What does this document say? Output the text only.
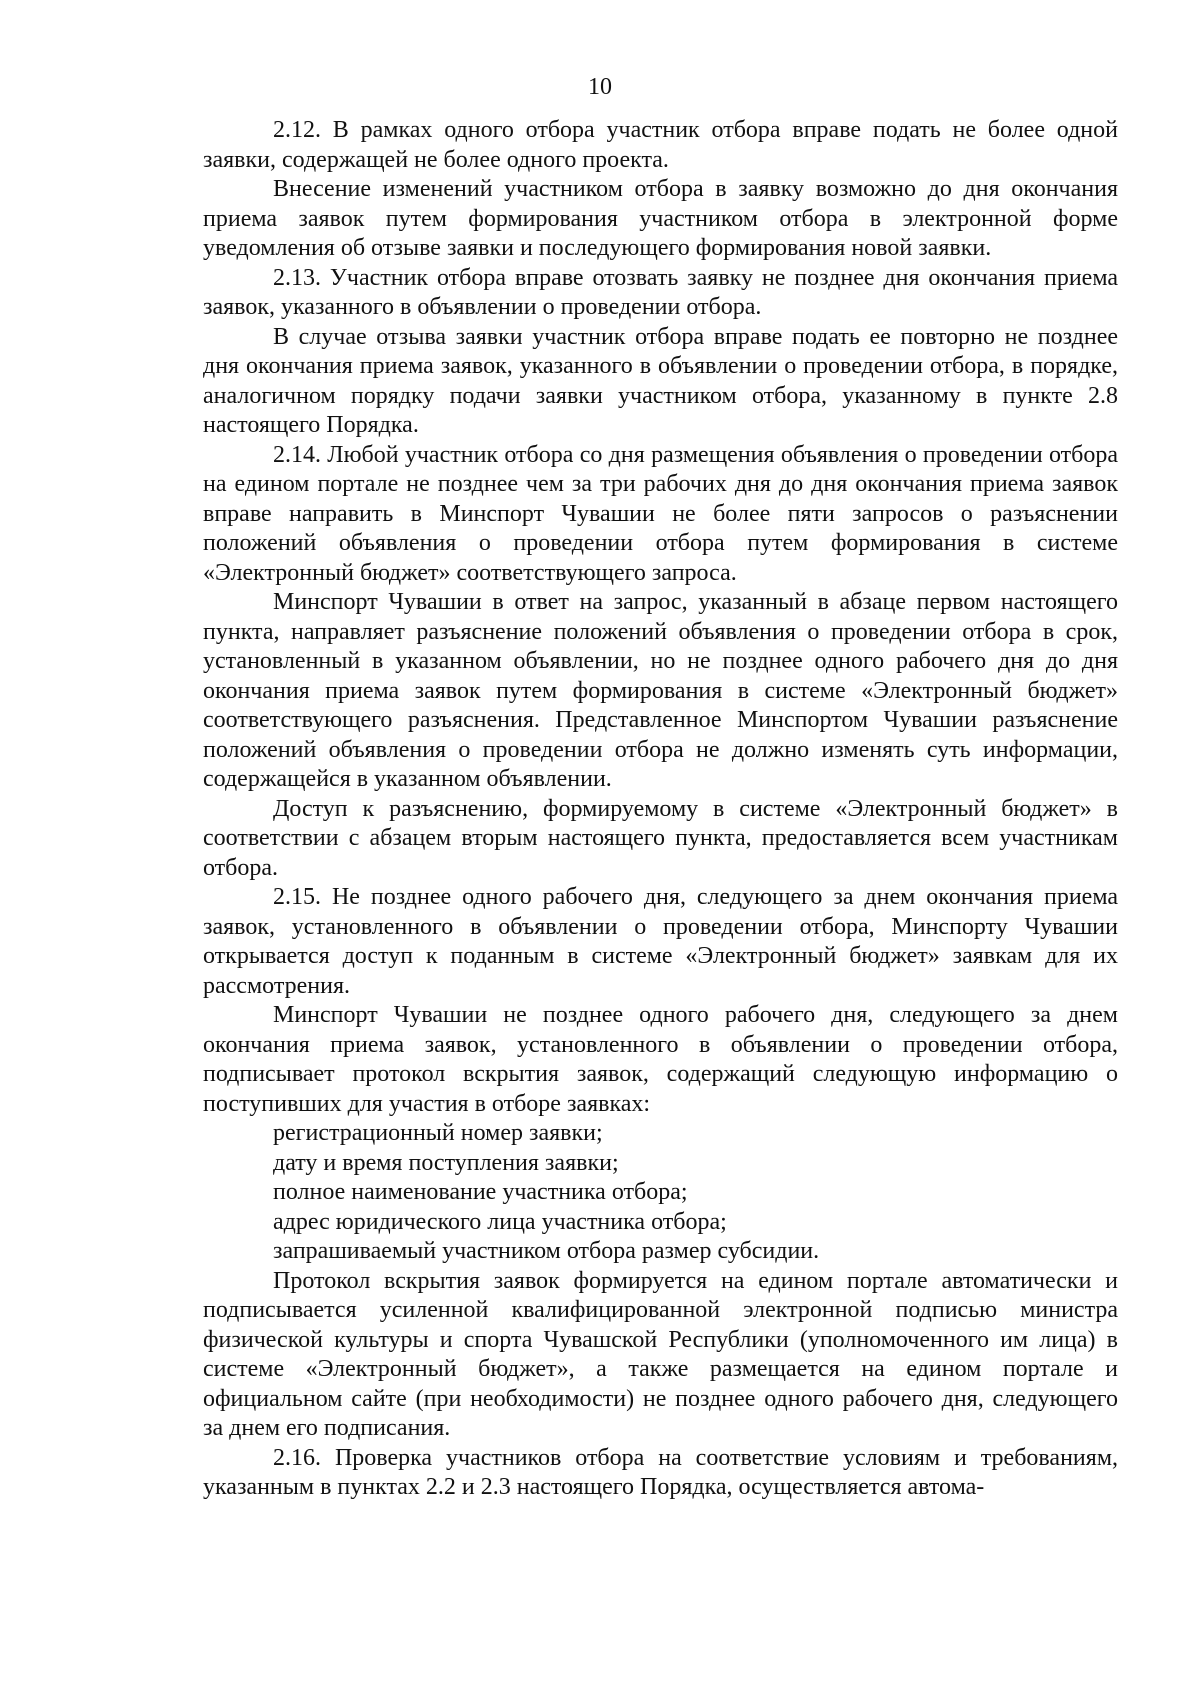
10

2.12. В рамках одного отбора участник отбора вправе подать не более одной заявки, содержащей не более одного проекта.

Внесение изменений участником отбора в заявку возможно до дня окончания приема заявок путем формирования участником отбора в электронной форме уведомления об отзыве заявки и последующего формирования новой заявки.

2.13. Участник отбора вправе отозвать заявку не позднее дня окончания приема заявок, указанного в объявлении о проведении отбора.

В случае отзыва заявки участник отбора вправе подать ее повторно не позднее дня окончания приема заявок, указанного в объявлении о проведении отбора, в порядке, аналогичном порядку подачи заявки участником отбора, указанному в пункте 2.8 настоящего Порядка.

2.14. Любой участник отбора со дня размещения объявления о проведении отбора на едином портале не позднее чем за три рабочих дня до дня окончания приема заявок вправе направить в Минспорт Чувашии не более пяти запросов о разъяснении положений объявления о проведении отбора путем формирования в системе «Электронный бюджет» соответствующего запроса.

Минспорт Чувашии в ответ на запрос, указанный в абзаце первом настоящего пункта, направляет разъяснение положений объявления о проведении отбора в срок, установленный в указанном объявлении, но не позднее одного рабочего дня до дня окончания приема заявок путем формирования в системе «Электронный бюджет» соответствующего разъяснения. Представленное Минспортом Чувашии разъяснение положений объявления о проведении отбора не должно изменять суть информации, содержащейся в указанном объявлении.

Доступ к разъяснению, формируемому в системе «Электронный бюджет» в соответствии с абзацем вторым настоящего пункта, предоставляется всем участникам отбора.

2.15. Не позднее одного рабочего дня, следующего за днем окончания приема заявок, установленного в объявлении о проведении отбора, Минспорту Чувашии открывается доступ к поданным в системе «Электронный бюджет» заявкам для их рассмотрения.

Минспорт Чувашии не позднее одного рабочего дня, следующего за днем окончания приема заявок, установленного в объявлении о проведении отбора, подписывает протокол вскрытия заявок, содержащий следующую информацию о поступивших для участия в отборе заявках:

регистрационный номер заявки;
дату и время поступления заявки;
полное наименование участника отбора;
адрес юридического лица участника отбора;
запрашиваемый участником отбора размер субсидии.

Протокол вскрытия заявок формируется на едином портале автоматически и подписывается усиленной квалифицированной электронной подписью министра физической культуры и спорта Чувашской Республики (уполномоченного им лица) в системе «Электронный бюджет», а также размещается на едином портале и официальном сайте (при необходимости) не позднее одного рабочего дня, следующего за днем его подписания.

2.16. Проверка участников отбора на соответствие условиям и требованиям, указанным в пунктах 2.2 и 2.3 настоящего Порядка, осуществляется автома-
